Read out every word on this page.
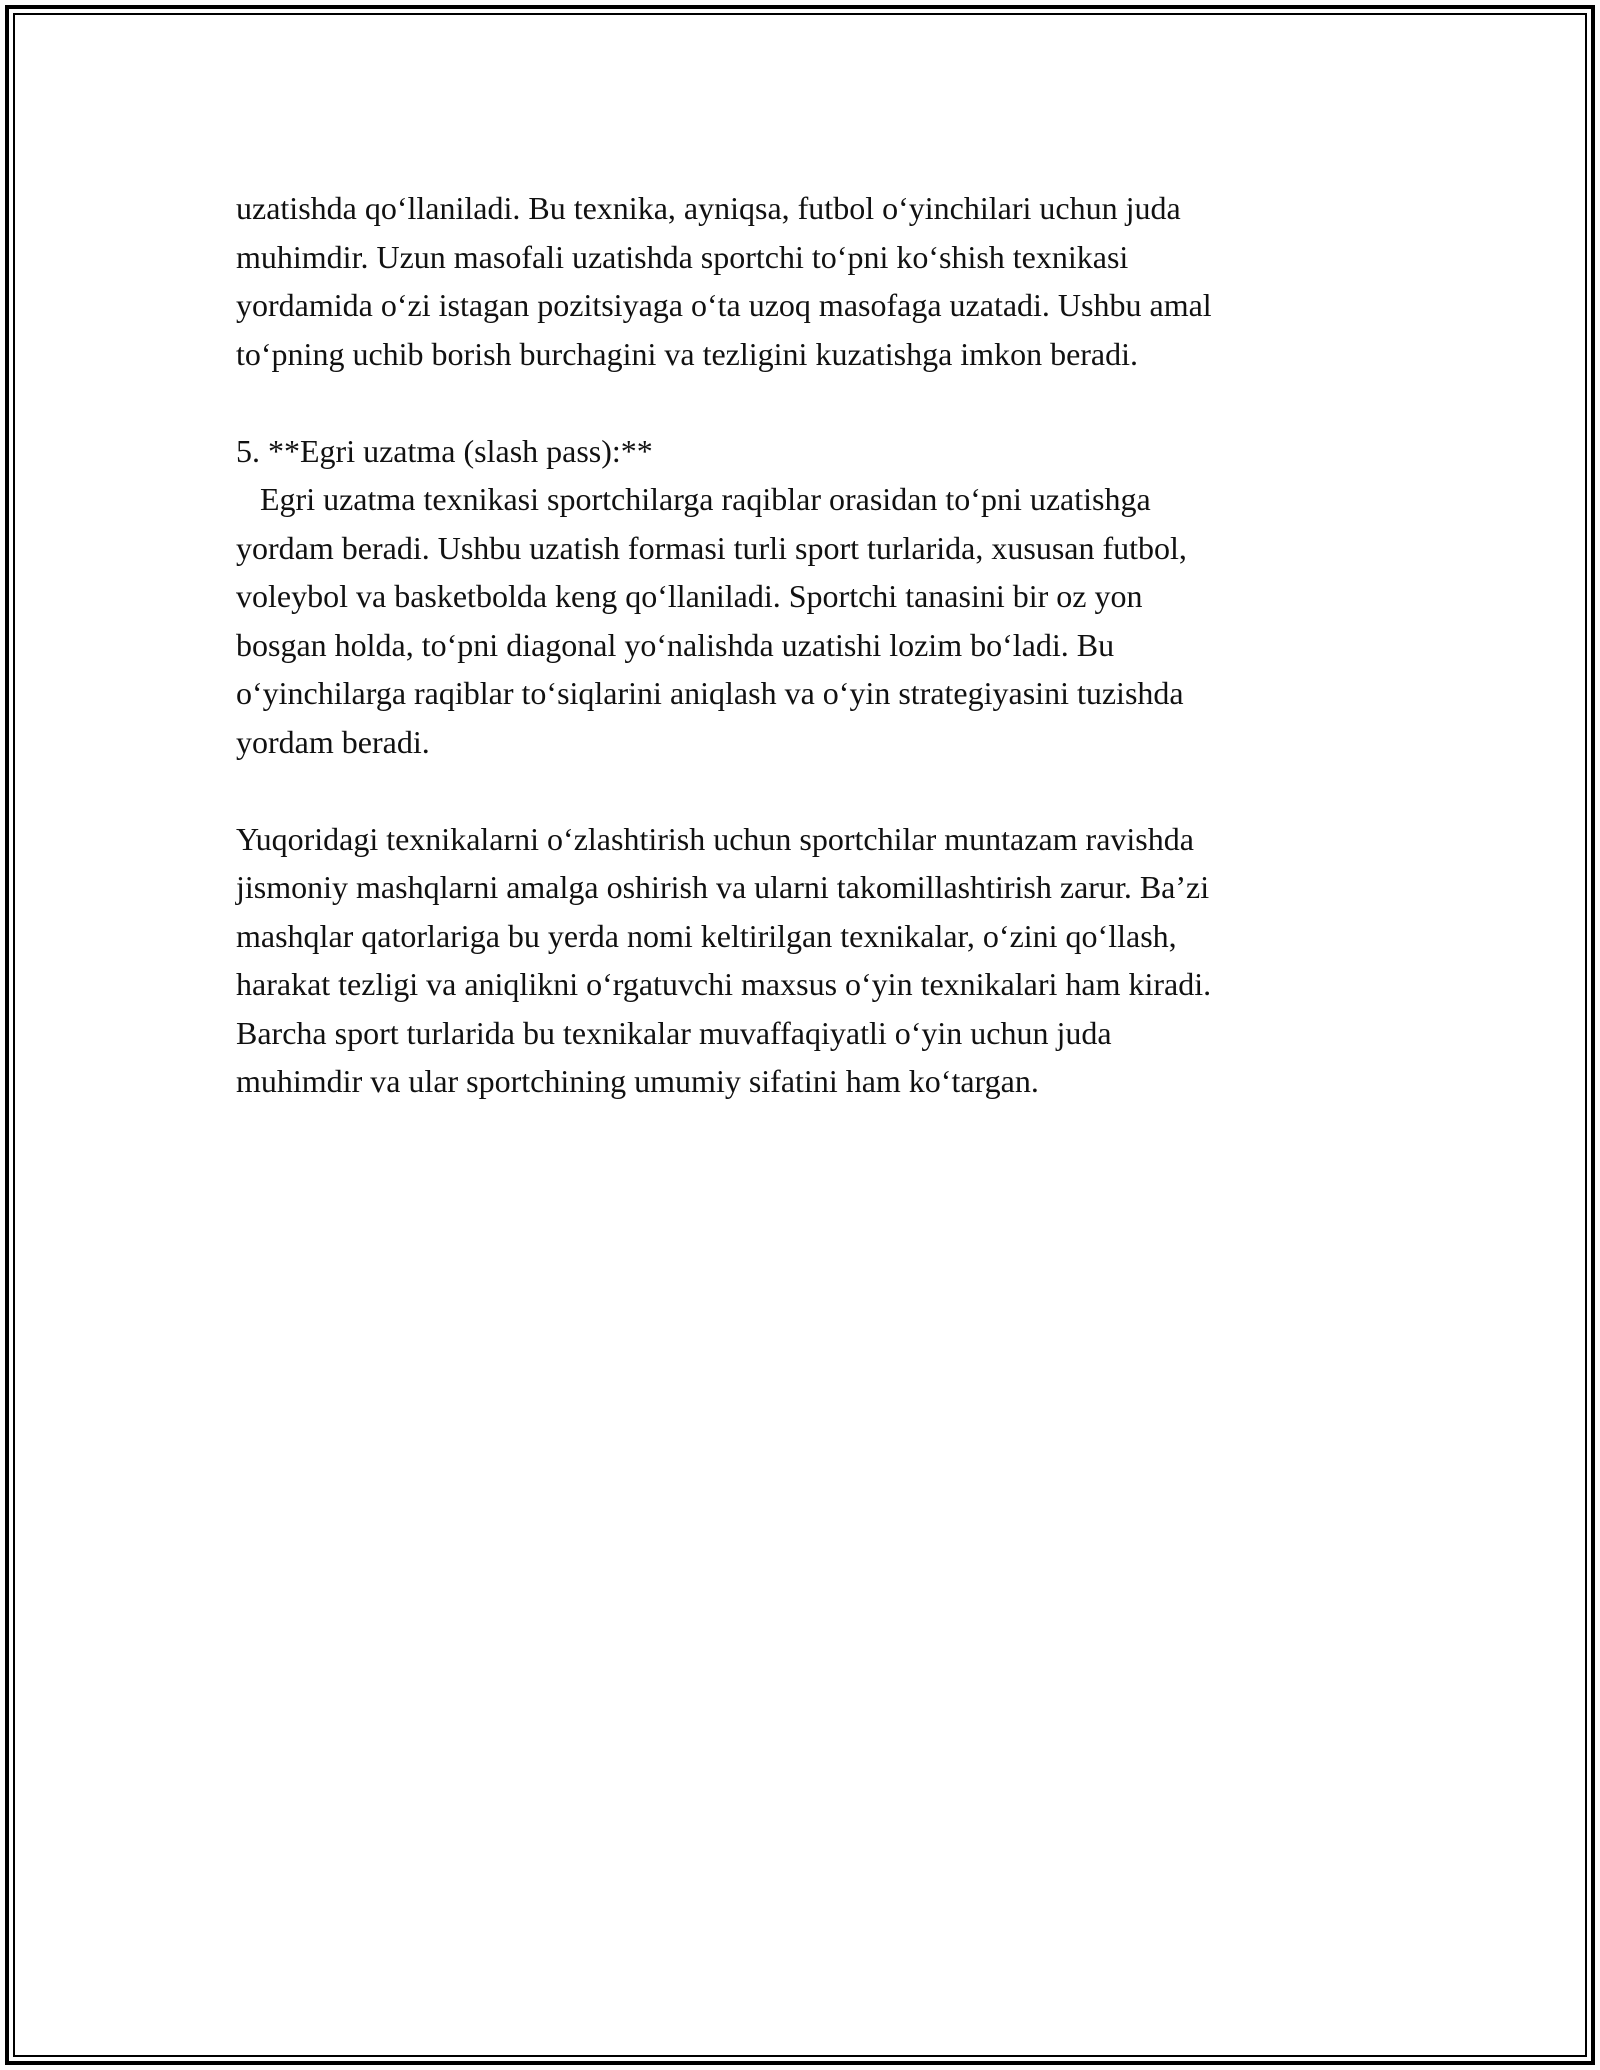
uzatishda qo‘llaniladi. Bu texnika, ayniqsa, futbol o‘yinchilari uchun juda
muhimdir. Uzun masofali uzatishda sportchi to‘pni ko‘shish texnikasi
yordamida o‘zi istagan pozitsiyaga o‘ta uzoq masofaga uzatadi. Ushbu amal
to‘pning uchib borish burchagini va tezligini kuzatishga imkon beradi.
5. **Egri uzatma (slash pass):**
Egri uzatma texnikasi sportchilarga raqiblar orasidan to‘pni uzatishga
yordam beradi. Ushbu uzatish formasi turli sport turlarida, xususan futbol,
voleybol va basketbolda keng qo‘llaniladi. Sportchi tanasini bir oz yon
bosgan holda, to‘pni diagonal yo‘nalishda uzatishi lozim bo‘ladi. Bu
o‘yinchilarga raqiblar to‘siqlarini aniqlash va o‘yin strategiyasini tuzishda
yordam beradi.
Yuqoridagi texnikalarni o‘zlashtirish uchun sportchilar muntazam ravishda
jismoniy mashqlarni amalga oshirish va ularni takomillashtirish zarur. Ba’zi
mashqlar qatorlariga bu yerda nomi keltirilgan texnikalar, o‘zini qo‘llash,
harakat tezligi va aniqlikni o‘rgatuvchi maxsus o‘yin texnikalari ham kiradi.
Barcha sport turlarida bu texnikalar muvaffaqiyatli o‘yin uchun juda
muhimdir va ular sportchining umumiy sifatini ham ko‘targan.
